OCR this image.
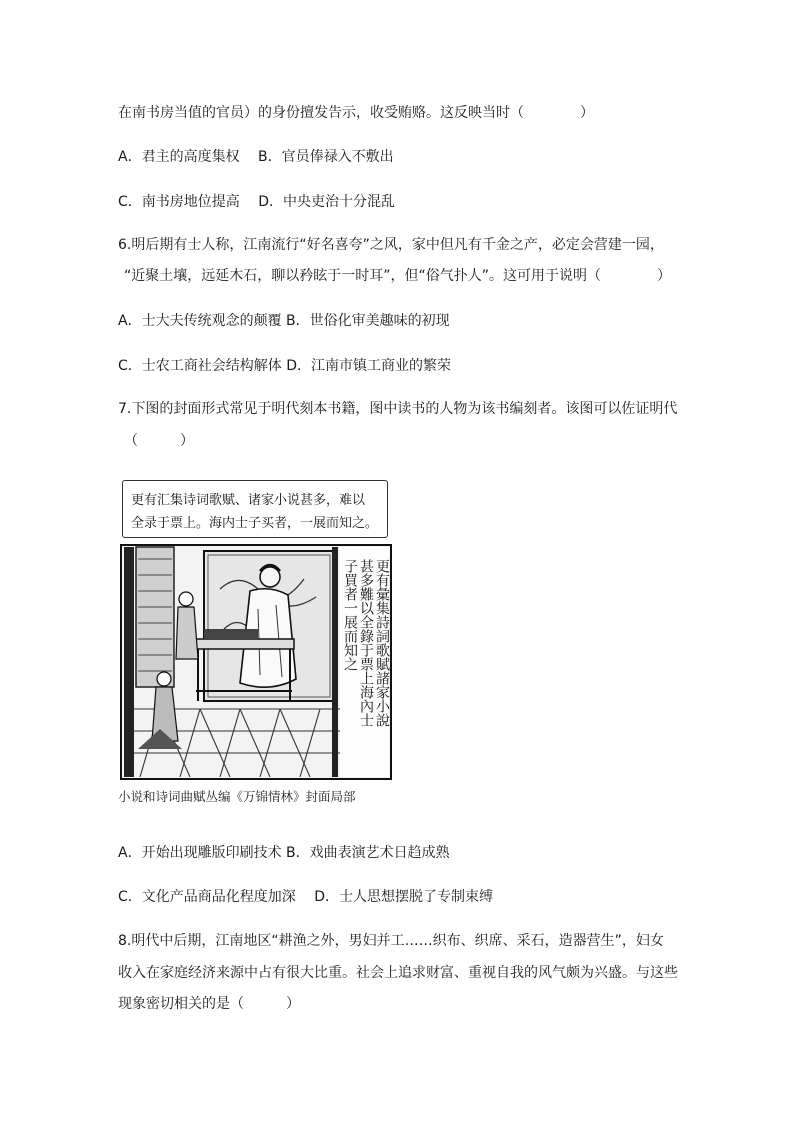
在南书房当值的官员）的身份擅发告示，收受贿赂。这反映当时（　　　　）

A．君主的高度集权　 B．官员俸禄入不敷出

C．南书房地位提高　 D．中央吏治十分混乱

6.明后期有士人称，江南流行“好名喜夸”之风，家中但凡有千金之产，必定会营建一园，

“近聚土壤，远延木石，聊以矜眩于一时耳”，但“俗气扑人”。这可用于说明（　　　　）

A．士大夫传统观念的颠覆 B．世俗化审美趣味的初现

C．士农工商社会结构解体 D．江南市镇工商业的繁荣

7.下图的封面形式常见于明代刻本书籍，图中读书的人物为该书编刻者。该图可以佐证明代

（　　　）

更有彙集詩詞歌賦諸家小說
甚多難以全錄于票上海內士
子買者一展而知之
更有汇集诗词歌赋、诸家小说甚多，难以
全录于票上。海内士子买者，一展而知之。

小说和诗词曲赋丛编《万锦情林》封面局部

A．开始出现雕版印刷技术 B．戏曲表演艺术日趋成熟

C．文化产品商品化程度加深　 D．士人思想摆脱了专制束缚

8.明代中后期，江南地区“耕渔之外，男妇并工……织布、织席、采石，造器营生”，妇女

收入在家庭经济来源中占有很大比重。社会上追求财富、重视自我的风气颇为兴盛。与这些

现象密切相关的是（　　　）
